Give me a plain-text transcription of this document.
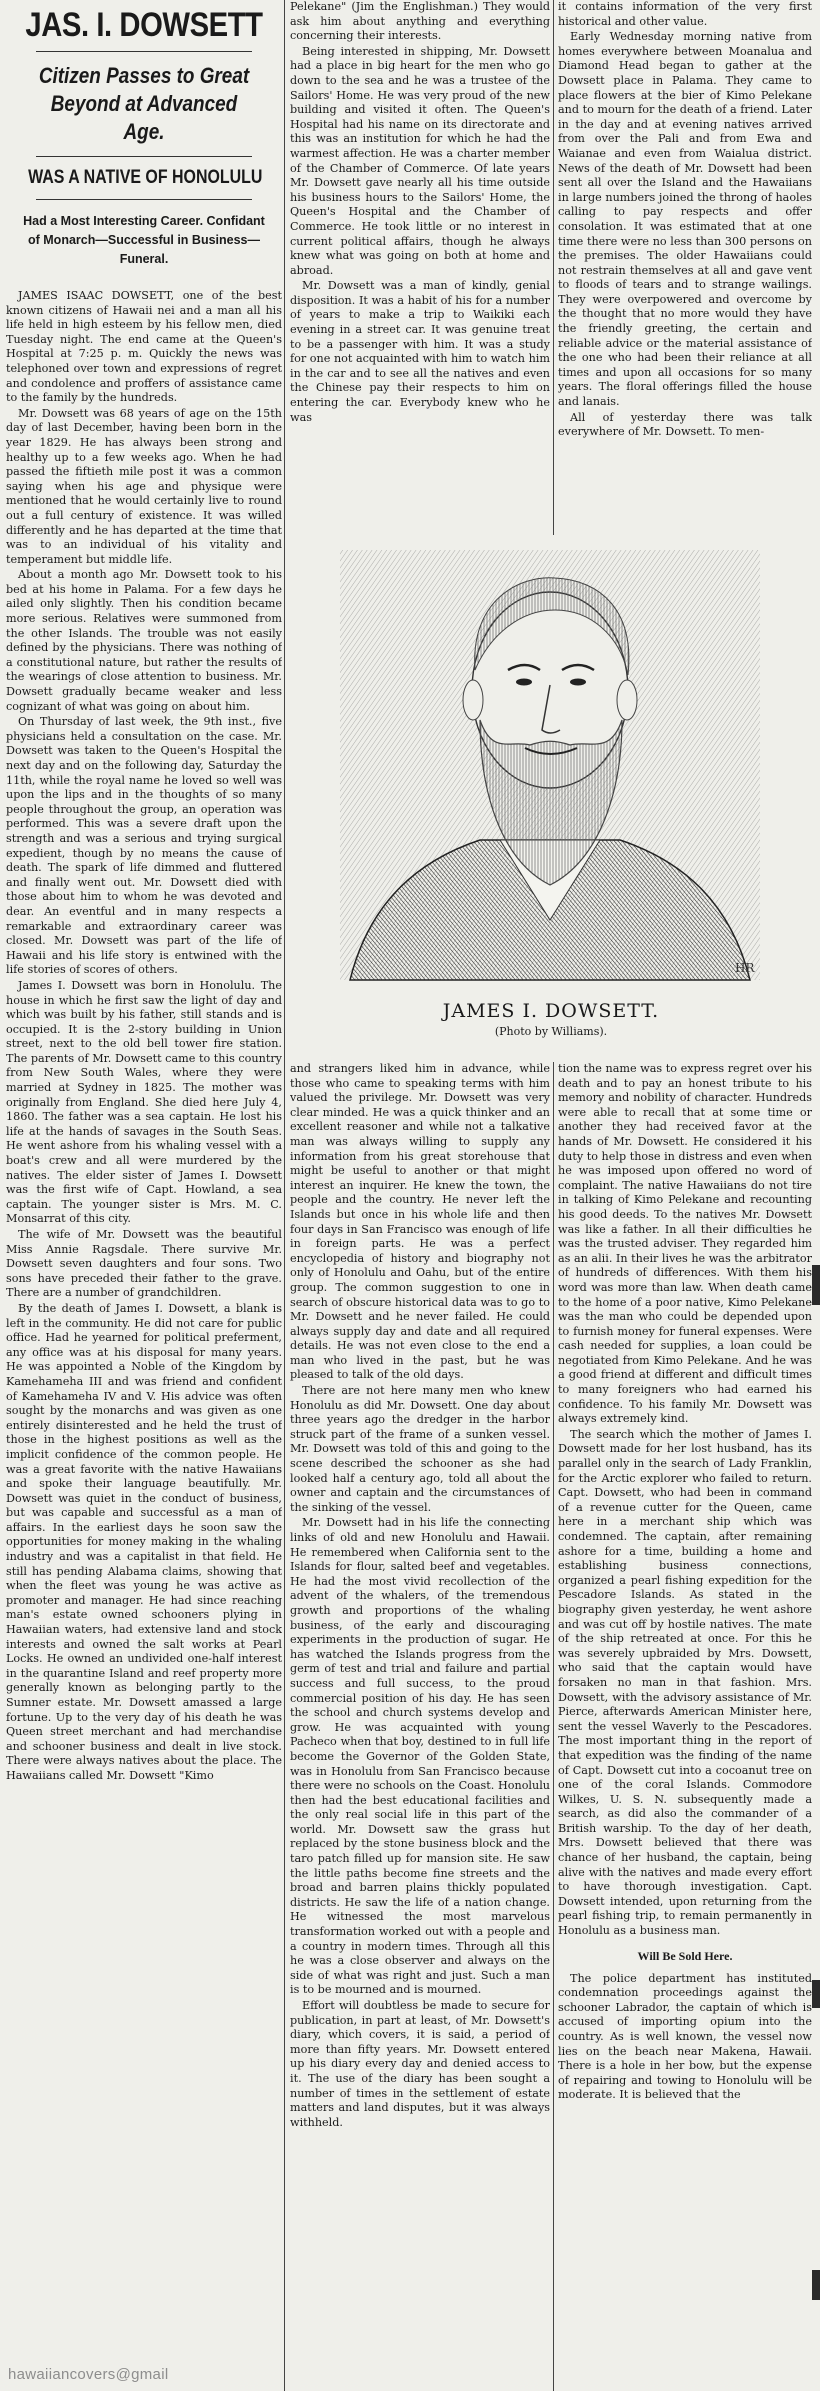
JAS. I. DOWSETT
Citizen Passes to Great Beyond at Advanced Age.
WAS A NATIVE OF HONOLULU
Had a Most Interesting Career. Confidant of Monarch—Successful in Business—Funeral.
JAMES ISAAC DOWSETT, one of the best known citizens of Hawaii nei and a man all his life held in high esteem by his fellow men, died Tuesday night. The end came at the Queen's Hospital at 7:25 p. m. Quickly the news was telephoned over town and expressions of regret and condolence and proffers of assistance came to the family by the hundreds.
Mr. Dowsett was 68 years of age on the 15th day of last December, having been born in the year 1829. He has always been strong and healthy up to a few weeks ago. When he had passed the fiftieth mile post it was a common saying when his age and physique were mentioned that he would certainly live to round out a full century of existence. It was willed differently and he has departed at the time that was to an individual of his vitality and temperament but middle life.
About a month ago Mr. Dowsett took to his bed at his home in Palama. For a few days he ailed only slightly. Then his condition became more serious. Relatives were summoned from the other Islands. The trouble was not easily defined by the physicians. There was nothing of a constitutional nature, but rather the results of the wearings of close attention to business. Mr. Dowsett gradually became weaker and less cognizant of what was going on about him.
On Thursday of last week, the 9th inst., five physicians held a consultation on the case. Mr. Dowsett was taken to the Queen's Hospital the next day and on the following day, Saturday the 11th, while the royal name he loved so well was upon the lips and in the thoughts of so many people throughout the group, an operation was performed. This was a severe draft upon the strength and was a serious and trying surgical expedient, though by no means the cause of death. The spark of life dimmed and fluttered and finally went out. Mr. Dowsett died with those about him to whom he was devoted and dear. An eventful and in many respects a remarkable and extraordinary career was closed. Mr. Dowsett was part of the life of Hawaii and his life story is entwined with the life stories of scores of others.
James I. Dowsett was born in Honolulu. The house in which he first saw the light of day and which was built by his father, still stands and is occupied. It is the 2-story building in Union street, next to the old bell tower fire station. The parents of Mr. Dowsett came to this country from New South Wales, where they were married at Sydney in 1825. The mother was originally from England. She died here July 4, 1860. The father was a sea captain. He lost his life at the hands of savages in the South Seas. He went ashore from his whaling vessel with a boat's crew and all were murdered by the natives. The elder sister of James I. Dowsett was the first wife of Capt. Howland, a sea captain. The younger sister is Mrs. M. C. Monsarrat of this city.
The wife of Mr. Dowsett was the beautiful Miss Annie Ragsdale. There survive Mr. Dowsett seven daughters and four sons. Two sons have preceded their father to the grave. There are a number of grandchildren.
By the death of James I. Dowsett, a blank is left in the community. He did not care for public office. Had he yearned for political preferment, any office was at his disposal for many years. He was appointed a Noble of the Kingdom by Kamehameha III and was friend and confident of Kamehameha IV and V. His advice was often sought by the monarchs and was given as one entirely disinterested and he held the trust of those in the highest positions as well as the implicit confidence of the common people. He was a great favorite with the native Hawaiians and spoke their language beautifully. Mr. Dowsett was quiet in the conduct of business, but was capable and successful as a man of affairs. In the earliest days he soon saw the opportunities for money making in the whaling industry and was a capitalist in that field. He still has pending Alabama claims, showing that when the fleet was young he was active as promoter and manager. He had since reaching man's estate owned schooners plying in Hawaiian waters, had extensive land and stock interests and owned the salt works at Pearl Locks. He owned an undivided one-half interest in the quarantine Island and reef property more generally known as belonging partly to the Sumner estate. Mr. Dowsett amassed a large fortune. Up to the very day of his death he was Queen street merchant and had merchandise and schooner business and dealt in live stock. There were always natives about the place. The Hawaiians called Mr. Dowsett "Kimo
Pelekane" (Jim the Englishman.) They would ask him about anything and everything concerning their interests.
Being interested in shipping, Mr. Dowsett had a place in big heart for the men who go down to the sea and he was a trustee of the Sailors' Home. He was very proud of the new building and visited it often. The Queen's Hospital had his name on its directorate and this was an institution for which he had the warmest affection. He was a charter member of the Chamber of Commerce. Of late years Mr. Dowsett gave nearly all his time outside his business hours to the Sailors' Home, the Queen's Hospital and the Chamber of Commerce. He took little or no interest in current political affairs, though he always knew what was going on both at home and abroad.
Mr. Dowsett was a man of kindly, genial disposition. It was a habit of his for a number of years to make a trip to Waikiki each evening in a street car. It was genuine treat to be a passenger with him. It was a study for one not acquainted with him to watch him in the car and to see all the natives and even the Chinese pay their respects to him on entering the car. Everybody knew who he was
it contains information of the very first historical and other value.
Early Wednesday morning native from homes everywhere between Moanalua and Diamond Head began to gather at the Dowsett place in Palama. They came to place flowers at the bier of Kimo Pelekane and to mourn for the death of a friend. Later in the day and at evening natives arrived from over the Pali and from Ewa and Waianae and even from Waialua district. News of the death of Mr. Dowsett had been sent all over the Island and the Hawaiians in large numbers joined the throng of haoles calling to pay respects and offer consolation. It was estimated that at one time there were no less than 300 persons on the premises. The older Hawaiians could not restrain themselves at all and gave vent to floods of tears and to strange wailings. They were overpowered and overcome by the thought that no more would they have the friendly greeting, the certain and reliable advice or the material assistance of the one who had been their reliance at all times and upon all occasions for so many years. The floral offerings filled the house and lanais.
All of yesterday there was talk everywhere of Mr. Dowsett. To men-
HR
JAMES I. DOWSETT.
(Photo by Williams).
and strangers liked him in advance, while those who came to speaking terms with him valued the privilege. Mr. Dowsett was very clear minded. He was a quick thinker and an excellent reasoner and while not a talkative man was always willing to supply any information from his great storehouse that might be useful to another or that might interest an inquirer. He knew the town, the people and the country. He never left the Islands but once in his whole life and then four days in San Francisco was enough of life in foreign parts. He was a perfect encyclopedia of history and biography not only of Honolulu and Oahu, but of the entire group. The common suggestion to one in search of obscure historical data was to go to Mr. Dowsett and he never failed. He could always supply day and date and all required details. He was not even close to the end a man who lived in the past, but he was pleased to talk of the old days.
There are not here many men who knew Honolulu as did Mr. Dowsett. One day about three years ago the dredger in the harbor struck part of the frame of a sunken vessel. Mr. Dowsett was told of this and going to the scene described the schooner as she had looked half a century ago, told all about the owner and captain and the circumstances of the sinking of the vessel.
Mr. Dowsett had in his life the connecting links of old and new Honolulu and Hawaii. He remembered when California sent to the Islands for flour, salted beef and vegetables. He had the most vivid recollection of the advent of the whalers, of the tremendous growth and proportions of the whaling business, of the early and discouraging experiments in the production of sugar. He has watched the Islands progress from the germ of test and trial and failure and partial success and full success, to the proud commercial position of his day. He has seen the school and church systems develop and grow. He was acquainted with young Pacheco when that boy, destined to in full life become the Governor of the Golden State, was in Honolulu from San Francisco because there were no schools on the Coast. Honolulu then had the best educational facilities and the only real social life in this part of the world. Mr. Dowsett saw the grass hut replaced by the stone business block and the taro patch filled up for mansion site. He saw the little paths become fine streets and the broad and barren plains thickly populated districts. He saw the life of a nation change. He witnessed the most marvelous transformation worked out with a people and a country in modern times. Through all this he was a close observer and always on the side of what was right and just. Such a man is to be mourned and is mourned.
Effort will doubtless be made to secure for publication, in part at least, of Mr. Dowsett's diary, which covers, it is said, a period of more than fifty years. Mr. Dowsett entered up his diary every day and denied access to it. The use of the diary has been sought a number of times in the settlement of estate matters and land disputes, but it was always withheld.
tion the name was to express regret over his death and to pay an honest tribute to his memory and nobility of character. Hundreds were able to recall that at some time or another they had received favor at the hands of Mr. Dowsett. He considered it his duty to help those in distress and even when he was imposed upon offered no word of complaint. The native Hawaiians do not tire in talking of Kimo Pelekane and recounting his good deeds. To the natives Mr. Dowsett was like a father. In all their difficulties he was the trusted adviser. They regarded him as an alii. In their lives he was the arbitrator of hundreds of differences. With them his word was more than law. When death came to the home of a poor native, Kimo Pelekane was the man who could be depended upon to furnish money for funeral expenses. Were cash needed for supplies, a loan could be negotiated from Kimo Pelekane. And he was a good friend at different and difficult times to many foreigners who had earned his confidence. To his family Mr. Dowsett was always extremely kind.
The search which the mother of James I. Dowsett made for her lost husband, has its parallel only in the search of Lady Franklin, for the Arctic explorer who failed to return. Capt. Dowsett, who had been in command of a revenue cutter for the Queen, came here in a merchant ship which was condemned. The captain, after remaining ashore for a time, building a home and establishing business connections, organized a pearl fishing expedition for the Pescadore Islands. As stated in the biography given yesterday, he went ashore and was cut off by hostile natives. The mate of the ship retreated at once. For this he was severely upbraided by Mrs. Dowsett, who said that the captain would have forsaken no man in that fashion. Mrs. Dowsett, with the advisory assistance of Mr. Pierce, afterwards American Minister here, sent the vessel Waverly to the Pescadores. The most important thing in the report of that expedition was the finding of the name of Capt. Dowsett cut into a cocoanut tree on one of the coral Islands. Commodore Wilkes, U. S. N. subsequently made a search, as did also the commander of a British warship. To the day of her death, Mrs. Dowsett believed that there was chance of her husband, the captain, being alive with the natives and made every effort to have thorough investigation. Capt. Dowsett intended, upon returning from the pearl fishing trip, to remain permanently in Honolulu as a business man.
Will Be Sold Here.
The police department has instituted condemnation proceedings against the schooner Labrador, the captain of which is accused of importing opium into the country. As is well known, the vessel now lies on the beach near Makena, Hawaii. There is a hole in her bow, but the expense of repairing and towing to Honolulu will be moderate. It is believed that the
hawaiiancovers@gmail
